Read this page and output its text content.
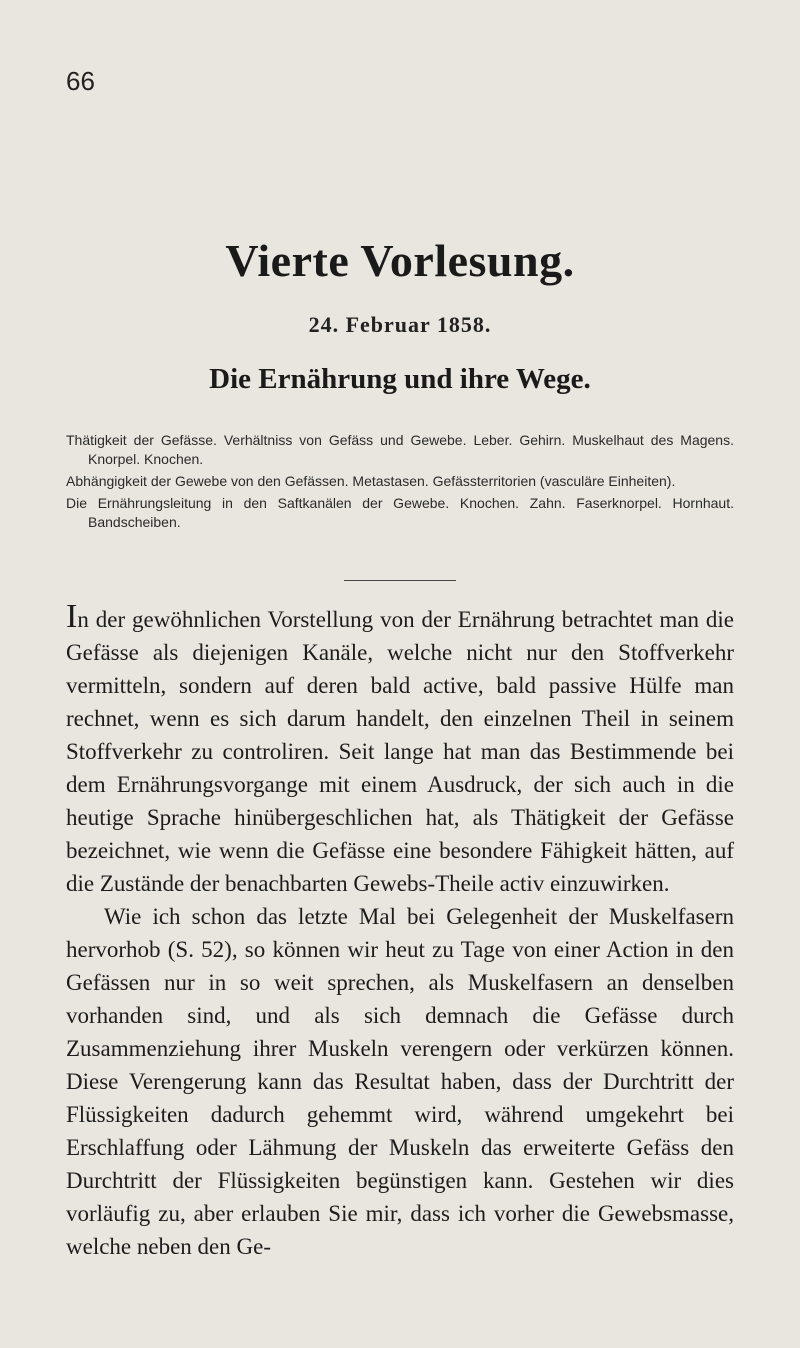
66
Vierte Vorlesung.
24. Februar 1858.
Die Ernährung und ihre Wege.
Thätigkeit der Gefässe. Verhältniss von Gefäss und Gewebe. Leber. Gehirn. Muskelhaut des Magens. Knorpel. Knochen.
Abhängigkeit der Gewebe von den Gefässen. Metastasen. Gefässterritorien (vasculäre Einheiten).
Die Ernährungsleitung in den Saftkanälen der Gewebe. Knochen. Zahn. Faserknorpel. Hornhaut. Bandscheiben.

In der gewöhnlichen Vorstellung von der Ernährung betrachtet man die Gefässe als diejenigen Kanäle, welche nicht nur den Stoffverkehr vermitteln, sondern auf deren bald active, bald passive Hülfe man rechnet, wenn es sich darum handelt, den einzelnen Theil in seinem Stoffverkehr zu controliren. Seit lange hat man das Bestimmende bei dem Ernährungsvorgange mit einem Ausdruck, der sich auch in die heutige Sprache hinübergeschlichen hat, als Thätigkeit der Gefässe bezeichnet, wie wenn die Gefässe eine besondere Fähigkeit hätten, auf die Zustände der benachbarten Gewebs-Theile activ einzuwirken.

Wie ich schon das letzte Mal bei Gelegenheit der Muskelfasern hervorhob (S. 52), so können wir heut zu Tage von einer Action in den Gefässen nur in so weit sprechen, als Muskelfasern an denselben vorhanden sind, und als sich demnach die Gefässe durch Zusammenziehung ihrer Muskeln verengern oder verkürzen können. Diese Verengerung kann das Resultat haben, dass der Durchtritt der Flüssigkeiten dadurch gehemmt wird, während umgekehrt bei Erschlaffung oder Lähmung der Muskeln das erweiterte Gefäss den Durchtritt der Flüssigkeiten begünstigen kann. Gestehen wir dies vorläufig zu, aber erlauben Sie mir, dass ich vorher die Gewebsmasse, welche neben den Ge-
